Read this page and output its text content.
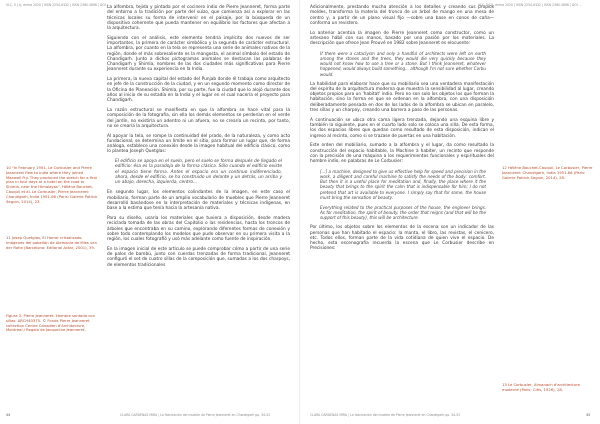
VLC. 5 (1), enero 2020 | ISSN 2254-6332 | ISSN 2360-5896 | DOI ...

La alfombra, tejida y pintada por el cocinero indio de Pierre Jeanneret, forma parte del entorno a la tradición por parte del suizo, que comienza así a explorar en las técnicas locales su forma de intervenir en el paisaje, por la búsqueda de un dispositivo coherente que pueda mantener en equilibrio los factores que afectan a la arquitectura.

Siguiendo con el análisis, este elemento tendría implícito dos nuevos de ser importantes, la primera de carácter simbólico y la segunda de carácter estructural. La alfombra, por cuanto en la tela se representa una serie de animales nativos de la región, donde el más sobresaliente es la mangosta, el animal símbolo del estado de Chandigarh. Junto a dichos pictogramas animales se destacan las palabras de Chandigarh y Shimla, nombres de las dos ciudades más significativas para Pierre Jeanneret durante su experiencia en la India.

La primera, la nueva capital del estado del Punjab donde él trabaja como arquitecto en jefe de la construcción de la ciudad, y en un segundo momento como director de la Oficina de Planeación. Shimla, por su parte, fue la ciudad que lo alojó durante dos años al inicio de su estadía en la India y el lugar en el cual nacería el proyecto para Chandigarh.

La razón estructural se manifiesta en que la alfombra se hace vital para la composición de la fotografía, sin ella los demás elementos se perderían en el verde del jardín, no existiría un adentro ni un afuera, no se crearía un recinto, por tanto, no se crearía la arquitectura.

Al apoyar la tela, se rompe la continuidad del prado, de la naturaleza, y como acto fundacional, se determina un límite en el sitio, para formar un lugar que, de forma análoga, establece una conexión desde la imagen habitual del edificio clásico, como lo plantea Joseph Quetglas:

El edificio se apoya en el suelo, pero el suelo se forma después de llegado el edificio: ésa es la paradoja de la forma clásica. Sólo cuando el edificio existe el espacio tiene forma. Antes el espacio era un continuo indiferenciado, ahora, desde el edificio, se ha construido un delante y un detrás, un arriba y un abajo, derecha, izquierda, centro...

En segundo lugar, los elementos colindantes de la imagen, en este caso el mobiliario, forman parte de un amplio vocabulario de muebles que Pierre Jeanneret desarrolló basándose en la interpretación de materiales y técnicas indígenas, en base a la estima que tenía hacia la artesanía nativa.

Para su diseño, usaría los materiales que tuviera a disposición, desde madera reciclada tomada de las obras del Capitolio o las residencias, hasta los troncos de árboles que encontraba en su camino, explorando diferentes formas de conexión y sobre todo contemplando los modelos que pudo observar en su primera visita a la región, los cuales fotografió y usó más adelante como fuente de inspiración.

En la imagen inicial de este artículo se puede comprobar cómo a partir de una serie de palos de bambú, junto con cuerdas trenzadas de forma tradicional, Jeanneret configuró el set de cuatro sillas de la composición que, sumadas a los dos charpoys, de elementos tradicionales

10 "In February 1951, Le Corbusier and Pierre Jeanneret flew to India where they joined Maxwell Fry. They produced the sketch for a first plan in four days at a hotel on the road to Shimla, near the Himalayas". Héléne Bauchet-Cauquil et al. Le Corbusier, Pierre Jeanneret: Chandigarh, India 1951-66 (Paris: Galerie Patrick Seguin, 2014), 23.
11 Josep Quetglas, El Horror cristalizado. Imágenes del pabellón de Alemania de Mies van der Rohe (Barcelona: Editorial Actar, 2001), 39.
Figura 3. Pierre Jeanneret. Hombre sentado con sillas. ARCH40375. © Fonds Pierre Jeanneret collection Centre Canadien d'Architecture, Montreal / Regalo de Jacqueline Jeanneret.
CLARA CARDENAS MIRA | La fabricación del mueble de Pierre Jeanneret en Chandigarh pp. 34-52
44
VLC. 5 (1), enero 2020 | ISSN 2254-6332 | ISSN 2360-5896 | DOI ...

Adicionalmente, prestando mucha atención a los detalles y creando sus propios moldes, transforma la materia del tronco de un árbol de mango en una mesa de centro y, a partir de un plano visual fijo —sobre una base en conos de caña— conforma un revistero.

Lo anterior acentúa la imagen de Pierre Jeanneret como constructor, como un artesano hábil con sus manos, basado por una pasión por los materiales. La descripción que ofrece Jean Prouvé en 1982 sobre Jeanneret es elocuente:

If there were a cataclysm and only a handful of architects were left on earth among the stones and the trees, they would die very quickly because they would not know how to use a tree or a stone. But I think Jeanneret, whatever happened, would always build something... although I'm not sure whether Corbu would.

La habilidad para elaborar hace que su mobiliario sea una verdadera manifestación del espíritu de la arquitectura moderna que muestra la sensibilidad al lugar, creando objetos propios para un 'habitat' indio. Pero no son solo los objetos los que forman la habitación, sino la forma en que se ordenan en la alfombra, con una disposición deliberadamente pensada en dos de los lados de la alfombra se ubican en paralelo, tres sillas y un charpoy, creando una barrera a paso de las personas.

A continuación se ubica otra cama ligera trenzada, dejando una esquina libre y también la siguiente, pues en el cuarto lado solo se coloca una silla. De esta forma, los dos espacios libres que quedan como resultado de esta disposición, indican el ingreso al recinto, como si se trazase de puertas en una habitación.

Este orden del mobiliario, sumado a la alfombra y el lugar, da como resultado la construcción del espacio habitable, la Machine à habiter, un recinto que responde con la precisión de una máquina a los requerimientos funcionales y espirituales del hombre indio, en palabras de Le Corbusier:

[...] a machine, designed to give us effective help for speed and precision in the work, a diligent and careful machine to satisfy the needs of the body: comfort. But then it is a useful place for meditation and, finally, the place where it the beauty that brings to the spirit the calm that is indispensable for him; I do not pretend that art is available to everyone. I simply say that for some, the house must bring the sensation of beauty.

Everything related to the practical purposes of the house, the engineer brings. As for meditation, the spirit of beauty, the order that reigns (and that will be the support of this beauty), this will be architecture.

Por último, los objetos sobre los elementos de la escena son un indicador de las personas que han habitado el espacio: la manta, el libro, las revistas, el cenicero, etc. Todos ellos, forman parte de la vida cotidiana de quien vive el espacio. De hecho, esta escenografía recuerda la escena que Le Corbusier describe en Precisiones:

12 Héléne Bauchet-Cauquil, Le Corbusier, Pierre Jeanneret: Chandigarh, India 1951-66 (Paris: Galerie Patrick Seguin, 2014), 28.
13 Le Corbusier, Almanach d'architecture moderne (Paris: Crès, 1926), 28.
CLARA CARDENAS MIRA | La fabricación del mueble de Pierre Jeanneret en Chandigarh pp. 34-52	45
